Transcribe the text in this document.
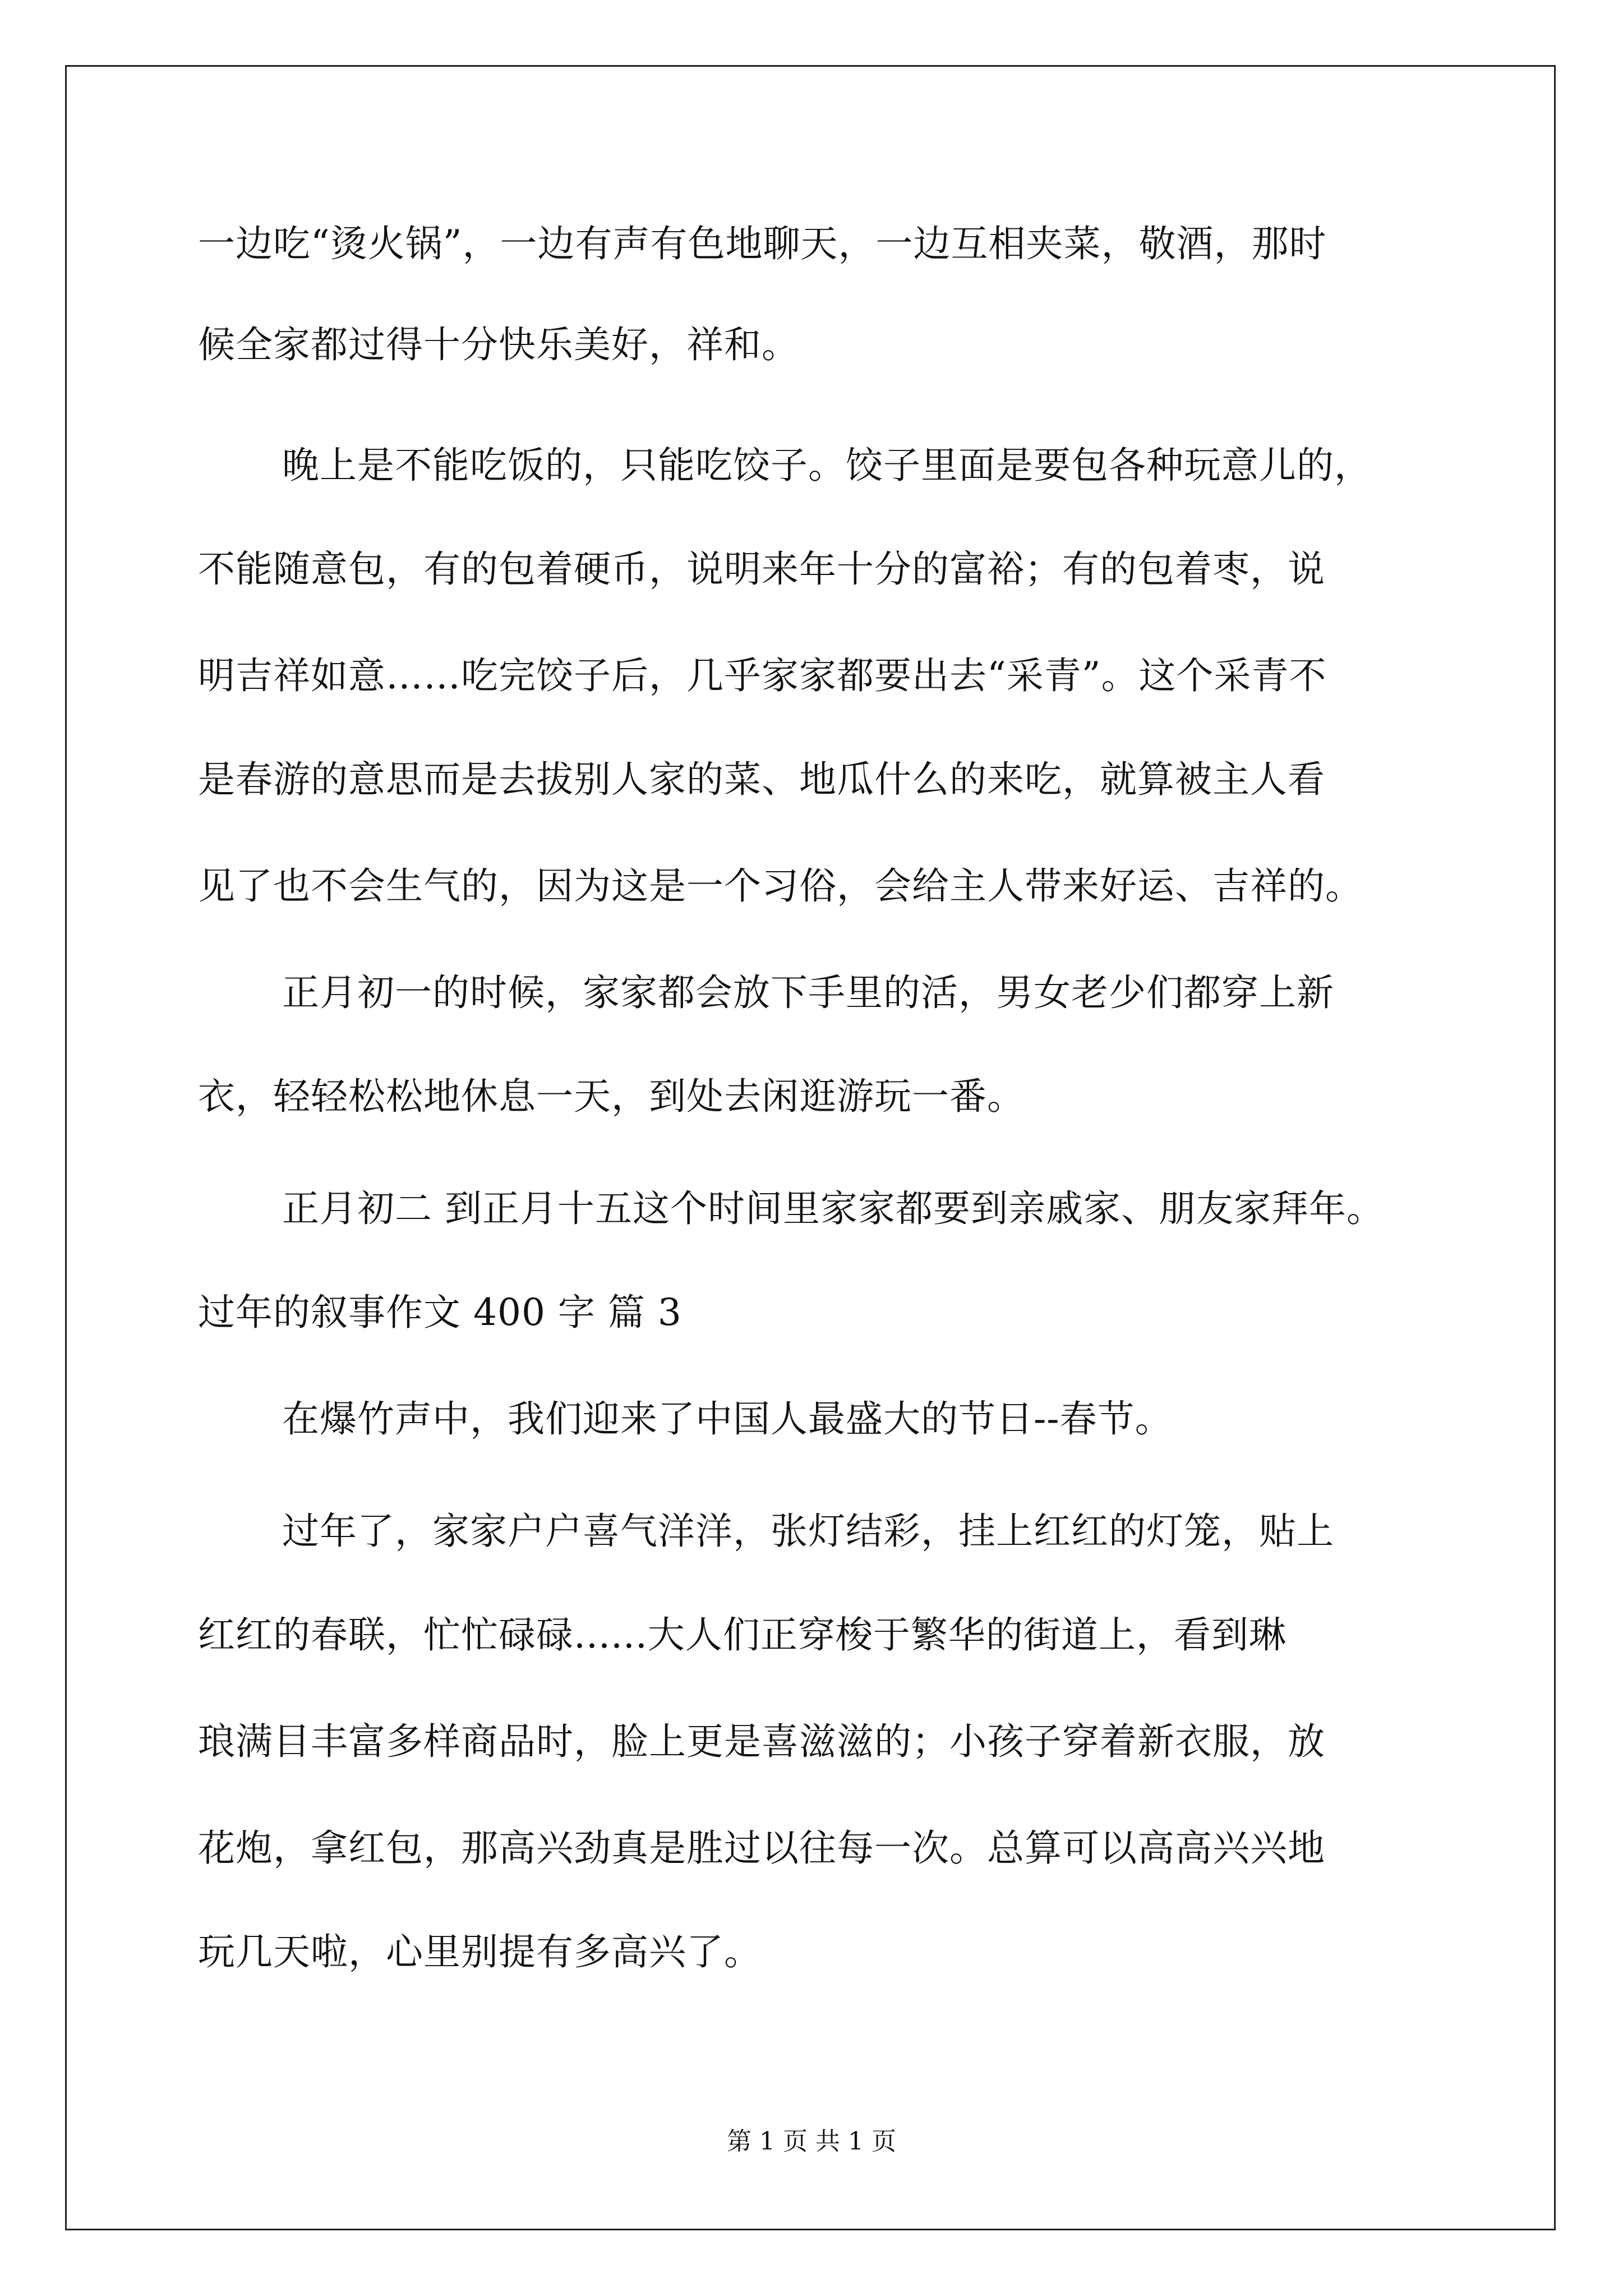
一边吃“烫火锅”，一边有声有色地聊天，一边互相夹菜，敬酒，那时
候全家都过得十分快乐美好，祥和。
晚上是不能吃饭的，只能吃饺子。饺子里面是要包各种玩意儿的，
不能随意包，有的包着硬币，说明来年十分的富裕；有的包着枣，说
明吉祥如意……吃完饺子后，几乎家家都要出去“采青”。这个采青不
是春游的意思而是去拔别人家的菜、地瓜什么的来吃，就算被主人看
见了也不会生气的，因为这是一个习俗，会给主人带来好运、吉祥的。
正月初一的时候，家家都会放下手里的活，男女老少们都穿上新
衣，轻轻松松地休息一天，到处去闲逛游玩一番。
正月初二 到正月十五这个时间里家家都要到亲戚家、朋友家拜年。
过年的叙事作文 400 字 篇 3
在爆竹声中，我们迎来了中国人最盛大的节日--春节。
过年了，家家户户喜气洋洋，张灯结彩，挂上红红的灯笼，贴上
红红的春联，忙忙碌碌......大人们正穿梭于繁华的街道上，看到琳
琅满目丰富多样商品时，脸上更是喜滋滋的；小孩子穿着新衣服，放
花炮，拿红包，那高兴劲真是胜过以往每一次。总算可以高高兴兴地
玩几天啦，心里别提有多高兴了。
第 1 页 共 1 页
